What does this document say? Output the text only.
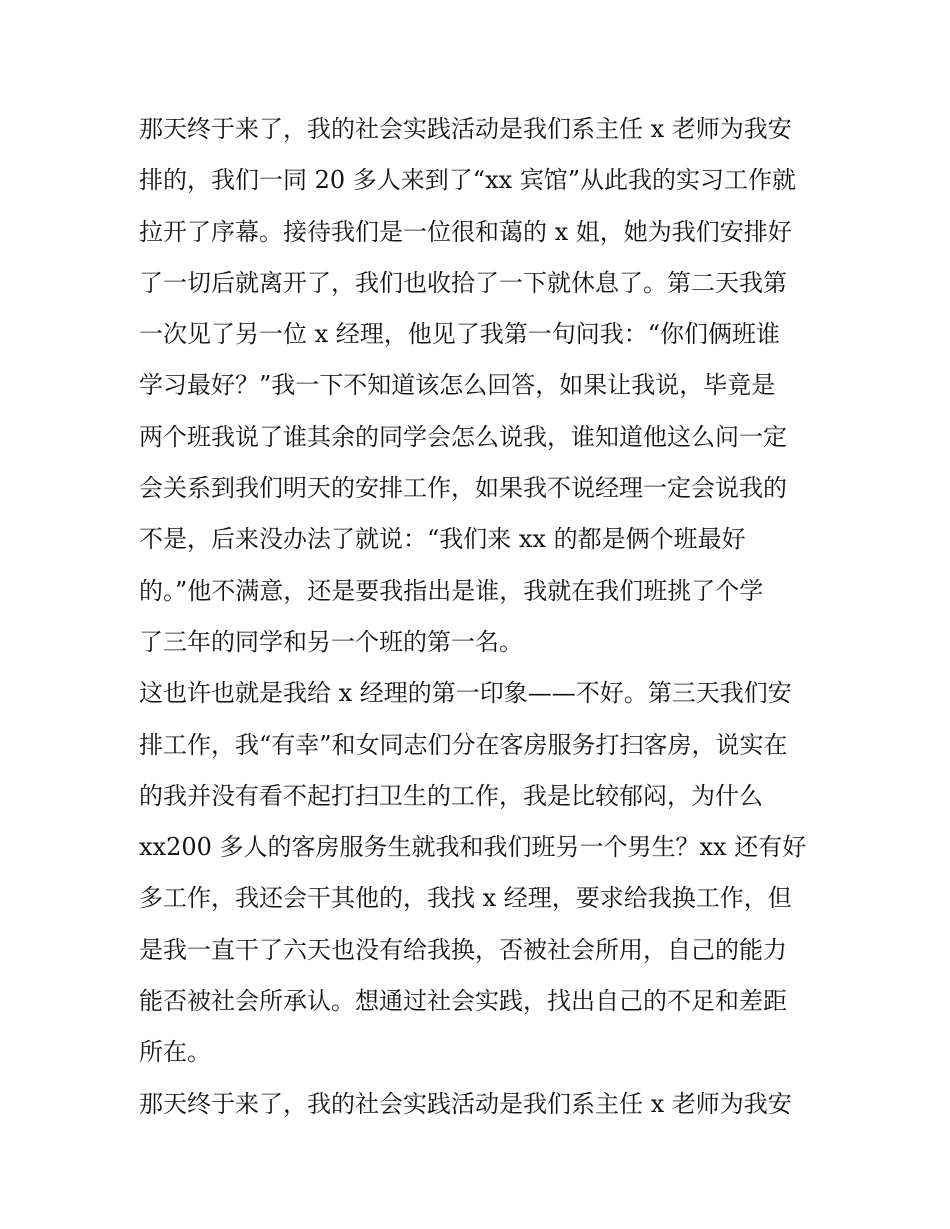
那天终于来了，我的社会实践活动是我们系主任 x 老师为我安
排的，我们一同 20 多人来到了“xx 宾馆”从此我的实习工作就
拉开了序幕。接待我们是一位很和蔼的 x 姐，她为我们安排好
了一切后就离开了，我们也收拾了一下就休息了。第二天我第
一次见了另一位 x 经理，他见了我第一句问我：“你们俩班谁
学习最好？”我一下不知道该怎么回答，如果让我说，毕竟是
两个班我说了谁其余的同学会怎么说我，谁知道他这么问一定
会关系到我们明天的安排工作，如果我不说经理一定会说我的
不是，后来没办法了就说：“我们来 xx 的都是俩个班最好
的。”他不满意，还是要我指出是谁，我就在我们班挑了个学
了三年的同学和另一个班的第一名。
这也许也就是我给 x 经理的第一印象——不好。第三天我们安
排工作，我“有幸”和女同志们分在客房服务打扫客房，说实在
的我并没有看不起打扫卫生的工作，我是比较郁闷，为什么
xx200 多人的客房服务生就我和我们班另一个男生？xx 还有好
多工作，我还会干其他的，我找 x 经理，要求给我换工作，但
是我一直干了六天也没有给我换，否被社会所用，自己的能力
能否被社会所承认。想通过社会实践，找出自己的不足和差距
所在。
那天终于来了，我的社会实践活动是我们系主任 x 老师为我安
